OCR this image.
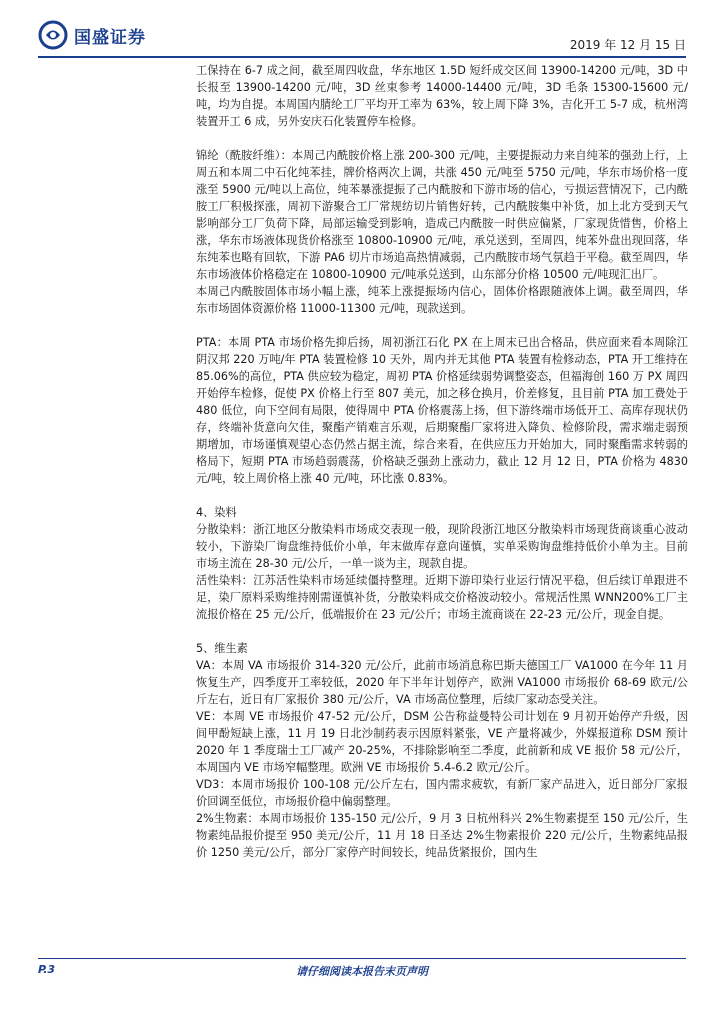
国盛证券	2019 年 12 月 15 日

工保持在 6-7 成之间，截至周四收盘，华东地区 1.5D 短纤成交区间 13900-14200 元/吨，3D 中长报至 13900-14200 元/吨，3D 丝束参考 14000-14400 元/吨，3D 毛条 15300-15600 元/吨，均为自提。本周国内腈纶工厂平均开工率为 63%，较上周下降 3%，吉化开工 5-7 成，杭州湾装置开工 6 成，另外安庆石化装置停车检修。

锦纶（酰胺纤维）：本周己内酰胺价格上涨 200-300 元/吨，主要提振动力来自纯苯的强劲上行，上周五和本周二中石化纯苯挂，牌价格两次上调，共涨 450 元/吨至 5750 元/吨，华东市场价格一度涨至 5900 元/吨以上高位，纯苯暴涨提振了己内酰胺和下游市场的信心，亏损运营情况下，己内酰胺工厂积极探涨，周初下游聚合工厂常规纺切片销售好转，己内酰胺集中补货，加上北方受到天气影响部分工厂负荷下降，局部运输受到影响，造成己内酰胺一时供应偏紧，厂家现货惜售，价格上涨，华东市场液体现货价格涨至 10800-10900 元/吨，承兑送到，至周四，纯苯外盘出现回落，华东纯苯也略有回软，下游 PA6 切片市场追高热情减弱，己内酰胺市场气氛趋于平稳。截至周四，华东市场液体价格稳定在 10800-10900 元/吨承兑送到，山东部分价格 10500 元/吨现汇出厂。

本周己内酰胺固体市场小幅上涨，纯苯上涨提振场内信心，固体价格跟随液体上调。截至周四，华东市场固体资源价格 11000-11300 元/吨，现款送到。

PTA：本周 PTA 市场价格先抑后扬，周初浙江石化 PX 在上周末已出合格品，供应面来看本周除江阴汉邦 220 万吨/年 PTA 装置检修 10 天外，周内并无其他 PTA 装置有检修动态，PTA 开工维持在 85.06%的高位，PTA 供应较为稳定，周初 PTA 价格延续弱势调整姿态，但福海创 160 万 PX 周四开始停车检修，促使 PX 价格上行至 807 美元，加之移仓换月，价差修复，且目前 PTA 加工费处于 480 低位，向下空间有局限，使得周中 PTA 价格震荡上扬，但下游终端市场低开工、高库存现状仍存，终端补货意向欠佳，聚酯产销难言乐观，后期聚酯厂家将进入降负、检修阶段，需求端走弱预期增加，市场谨慎观望心态仍然占据主流，综合来看，在供应压力开始加大，同时聚酯需求转弱的格局下，短期 PTA 市场趋弱震荡，价格缺乏强劲上涨动力，截止 12 月 12 日，PTA 价格为 4830 元/吨，较上周价格上涨 40 元/吨，环比涨 0.83%。

4、染料

分散染料：浙江地区分散染料市场成交表现一般，现阶段浙江地区分散染料市场现货商谈重心波动较小，下游染厂询盘维持低价小单，年末做库存意向谨慎，实单采购询盘维持低价小单为主。目前市场主流在 28-30 元/公斤，一单一谈为主，现款自提。

活性染料：江苏活性染料市场延续僵持整理。近期下游印染行业运行情况平稳，但后续订单跟进不足，染厂原料采购维持刚需谨慎补货，分散染料成交价格波动较小。常规活性黑 WNN200%工厂主流报价格在 25 元/公斤，低端报价在 23 元/公斤；市场主流商谈在 22-23 元/公斤，现金自提。

5、维生素

VA：本周 VA 市场报价 314-320 元/公斤，此前市场消息称巴斯夫德国工厂 VA1000 在今年 11 月恢复生产，四季度开工率较低，2020 年下半年计划停产，欧洲 VA1000 市场报价 68-69 欧元/公斤左右，近日有厂家报价 380 元/公斤，VA 市场高位整理，后续厂家动态受关注。

VE：本周 VE 市场报价 47-52 元/公斤，DSM 公告称益曼特公司计划在 9 月初开始停产升级，因间甲酚短缺上涨，11 月 19 日北沙制药表示因原料紧张，VE 产量将减少，外媒报道称 DSM 预计 2020 年 1 季度瑞士工厂减产 20-25%，不排除影响至二季度，此前新和成 VE 报价 58 元/公斤，本周国内 VE 市场窄幅整理。欧洲 VE 市场报价 5.4-6.2 欧元/公斤。

VD3：本周市场报价 100-108 元/公斤左右，国内需求疲软，有新厂家产品进入，近日部分厂家报价回调至低位，市场报价稳中偏弱整理。

2%生物素：本周市场报价 135-150 元/公斤，9 月 3 日杭州科兴 2%生物素提至 150 元/公斤，生物素纯品报价提至 950 美元/公斤，11 月 18 日圣达 2%生物素报价 220 元/公斤，生物素纯品报价 1250 美元/公斤，部分厂家停产时间较长，纯品货紧报价，国内生

P.3	请仔细阅读本报告末页声明
